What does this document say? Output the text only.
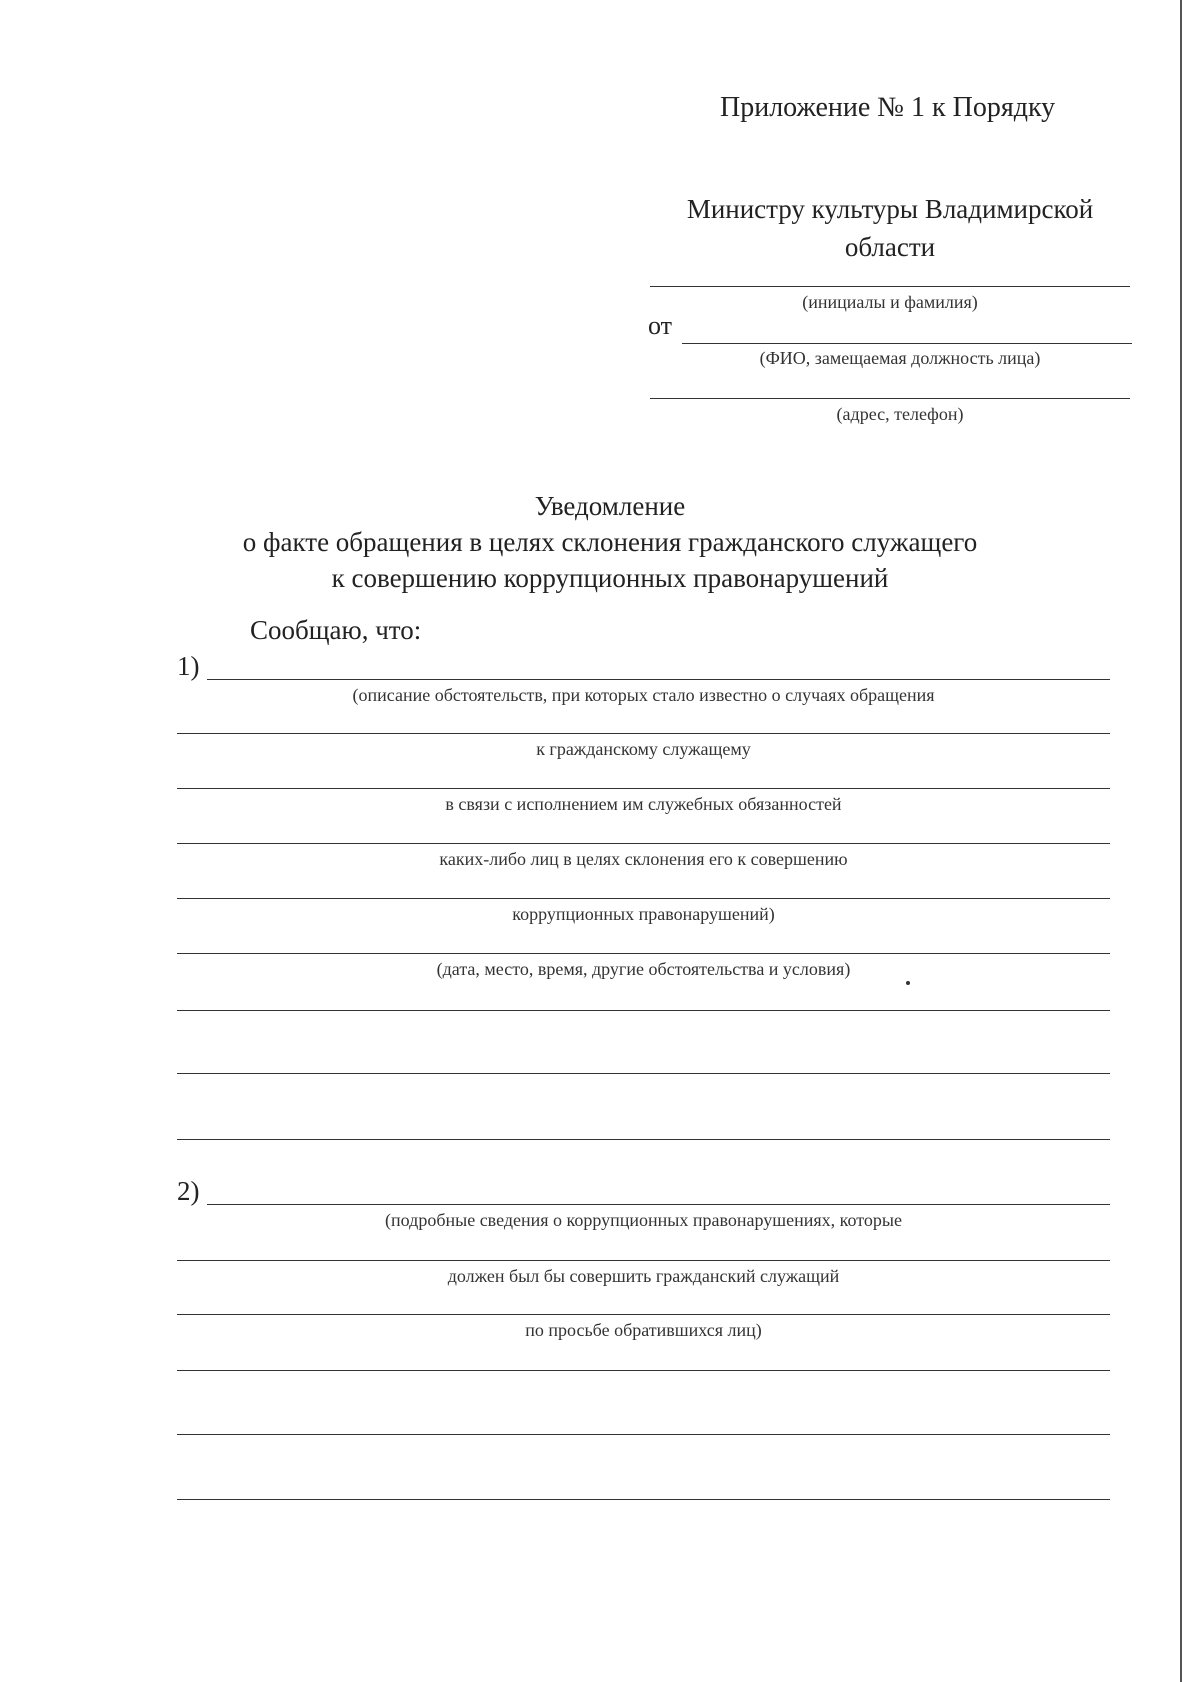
Приложение № 1 к Порядку
Министру культуры Владимирской
области
(инициалы и фамилия)
от
(ФИО, замещаемая должность лица)
(адрес, телефон)
Уведомление
о факте обращения в целях склонения гражданского служащего
к совершению коррупционных правонарушений
Сообщаю, что:
1)
(описание обстоятельств, при которых стало известно о случаях обращения
к гражданскому служащему
в связи с исполнением им служебных обязанностей
каких-либо лиц в целях склонения его к совершению
коррупционных правонарушений)
(дата, место, время, другие обстоятельства и условия)
2)
(подробные сведения о коррупционных правонарушениях, которые
должен был бы совершить гражданский служащий
по просьбе обратившихся лиц)
